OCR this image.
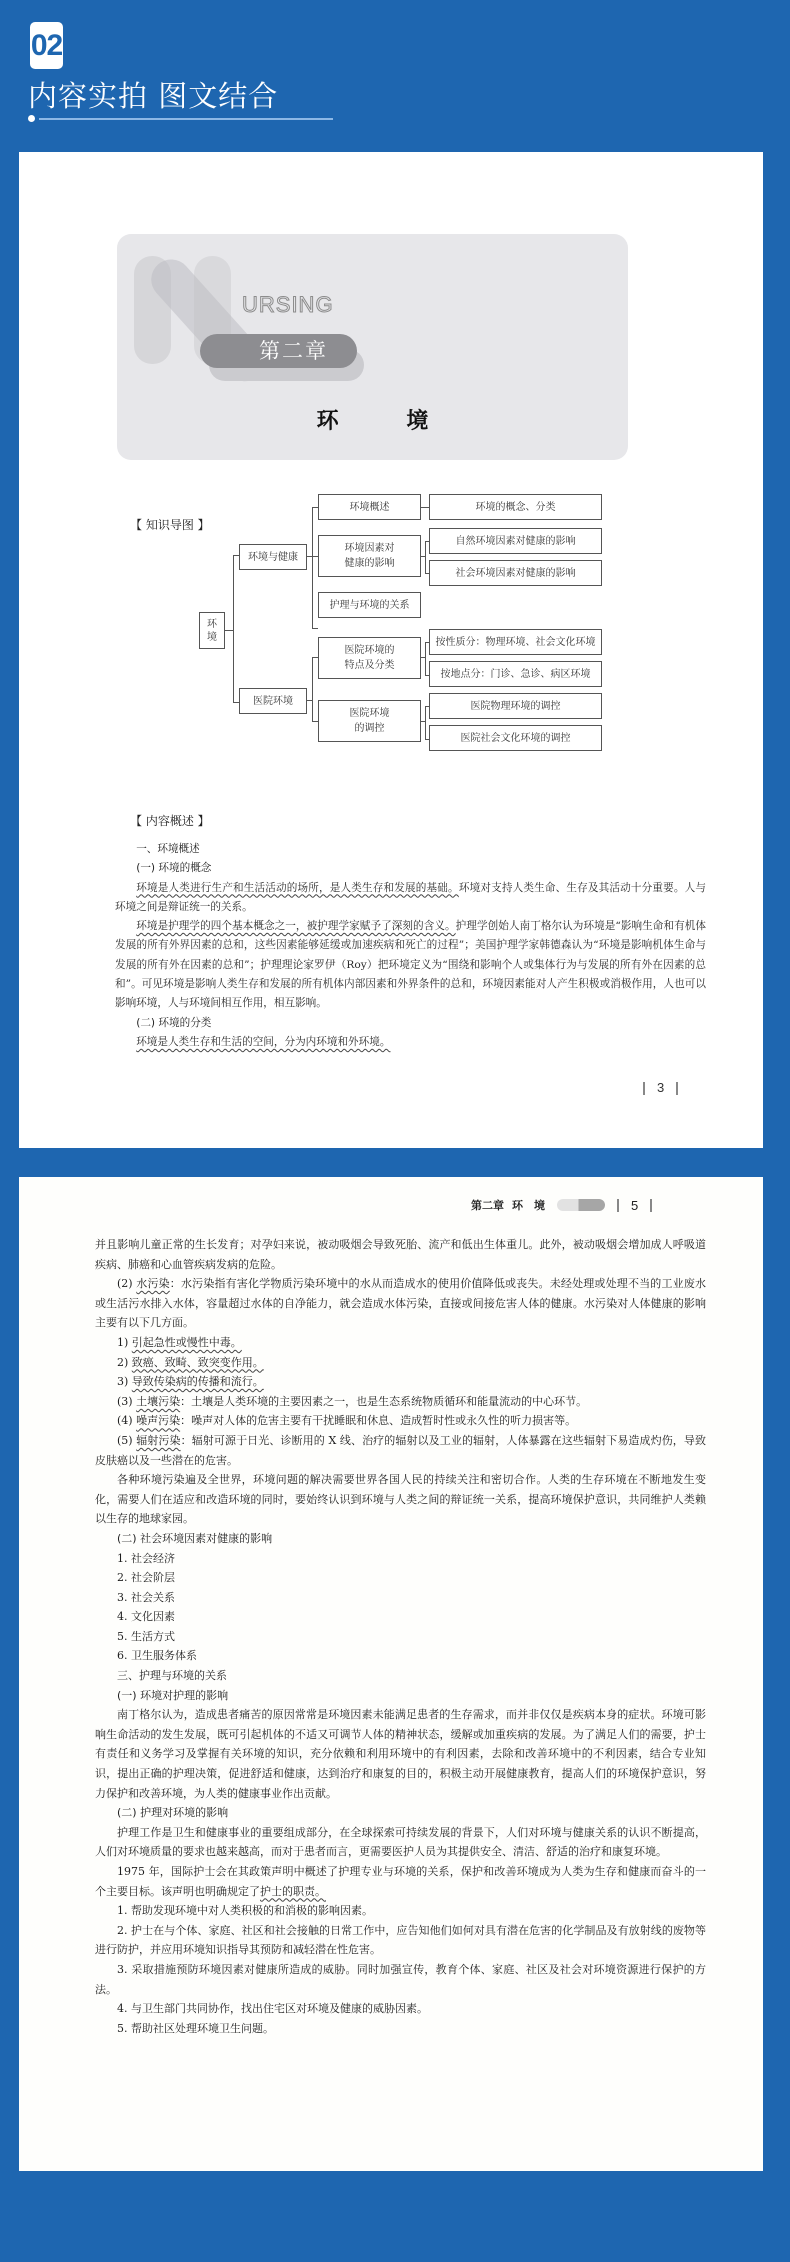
02
内容实拍 图文结合
URSING
第二章
环 境
【 知识导图 】
环境
环境与健康
环境概述	环境的概念、分类
环境因素对健康的影响
自然环境因素对健康的影响
社会环境因素对健康的影响
护理与环境的关系
医院环境
医院环境的特点及分类
按性质分：物理环境、社会文化环境
按地点分：门诊、急诊、病区环境
医院环境的调控
医院物理环境的调控
医院社会文化环境的调控
【 内容概述 】

一、环境概述

(一) 环境的概念

环境是人类进行生产和生活活动的场所，是人类生存和发展的基础。环境对支持人类生命、生存及其活动十分重要。人与环境之间是辩证统一的关系。

环境是护理学的四个基本概念之一，被护理学家赋予了深刻的含义。护理学创始人南丁格尔认为环境是“影响生命和有机体发展的所有外界因素的总和，这些因素能够延缓或加速疾病和死亡的过程”；美国护理学家韩德森认为“环境是影响机体生命与发展的所有外在因素的总和”；护理理论家罗伊（Roy）把环境定义为“围绕和影响个人或集体行为与发展的所有外在因素的总和”。可见环境是影响人类生存和发展的所有机体内部因素和外界条件的总和，环境因素能对人产生积极或消极作用，人也可以影响环境，人与环境间相互作用，相互影响。

(二) 环境的分类

环境是人类生存和生活的空间，分为内环境和外环境。

3
第二章 环　境	5

并且影响儿童正常的生长发育；对孕妇来说，被动吸烟会导致死胎、流产和低出生体重儿。此外，被动吸烟会增加成人呼吸道疾病、肺癌和心血管疾病发病的危险。

(2) 水污染：水污染指有害化学物质污染环境中的水从而造成水的使用价值降低或丧失。未经处理或处理不当的工业废水或生活污水排入水体，容量超过水体的自净能力，就会造成水体污染，直接或间接危害人体的健康。水污染对人体健康的影响主要有以下几方面。

1) 引起急性或慢性中毒。

2) 致癌、致畸、致突变作用。

3) 导致传染病的传播和流行。

(3) 土壤污染：土壤是人类环境的主要因素之一，也是生态系统物质循环和能量流动的中心环节。

(4) 噪声污染：噪声对人体的危害主要有干扰睡眠和休息、造成暂时性或永久性的听力损害等。

(5) 辐射污染：辐射可源于日光、诊断用的 X 线、治疗的辐射以及工业的辐射，人体暴露在这些辐射下易造成灼伤，导致皮肤癌以及一些潜在的危害。

各种环境污染遍及全世界，环境问题的解决需要世界各国人民的持续关注和密切合作。人类的生存环境在不断地发生变化，需要人们在适应和改造环境的同时，要始终认识到环境与人类之间的辩证统一关系，提高环境保护意识，共同维护人类赖以生存的地球家园。

(二) 社会环境因素对健康的影响

1. 社会经济

2. 社会阶层

3. 社会关系

4. 文化因素

5. 生活方式

6. 卫生服务体系

三、护理与环境的关系

(一) 环境对护理的影响

南丁格尔认为，造成患者痛苦的原因常常是环境因素未能满足患者的生存需求，而并非仅仅是疾病本身的症状。环境可影响生命活动的发生发展，既可引起机体的不适又可调节人体的精神状态，缓解或加重疾病的发展。为了满足人们的需要，护士有责任和义务学习及掌握有关环境的知识，充分依赖和利用环境中的有利因素，去除和改善环境中的不利因素，结合专业知识，提出正确的护理决策，促进舒适和健康，达到治疗和康复的目的，积极主动开展健康教育，提高人们的环境保护意识，努力保护和改善环境，为人类的健康事业作出贡献。

(二) 护理对环境的影响

护理工作是卫生和健康事业的重要组成部分，在全球探索可持续发展的背景下，人们对环境与健康关系的认识不断提高，人们对环境质量的要求也越来越高，而对于患者而言，更需要医护人员为其提供安全、清洁、舒适的治疗和康复环境。

1975 年，国际护士会在其政策声明中概述了护理专业与环境的关系，保护和改善环境成为人类为生存和健康而奋斗的一个主要目标。该声明也明确规定了护士的职责。

1. 帮助发现环境中对人类积极的和消极的影响因素。

2. 护士在与个体、家庭、社区和社会接触的日常工作中，应告知他们如何对具有潜在危害的化学制品及有放射线的废物等进行防护，并应用环境知识指导其预防和减轻潜在性危害。

3. 采取措施预防环境因素对健康所造成的威胁。同时加强宣传，教育个体、家庭、社区及社会对环境资源进行保护的方法。

4. 与卫生部门共同协作，找出住宅区对环境及健康的威胁因素。

5. 帮助社区处理环境卫生问题。
